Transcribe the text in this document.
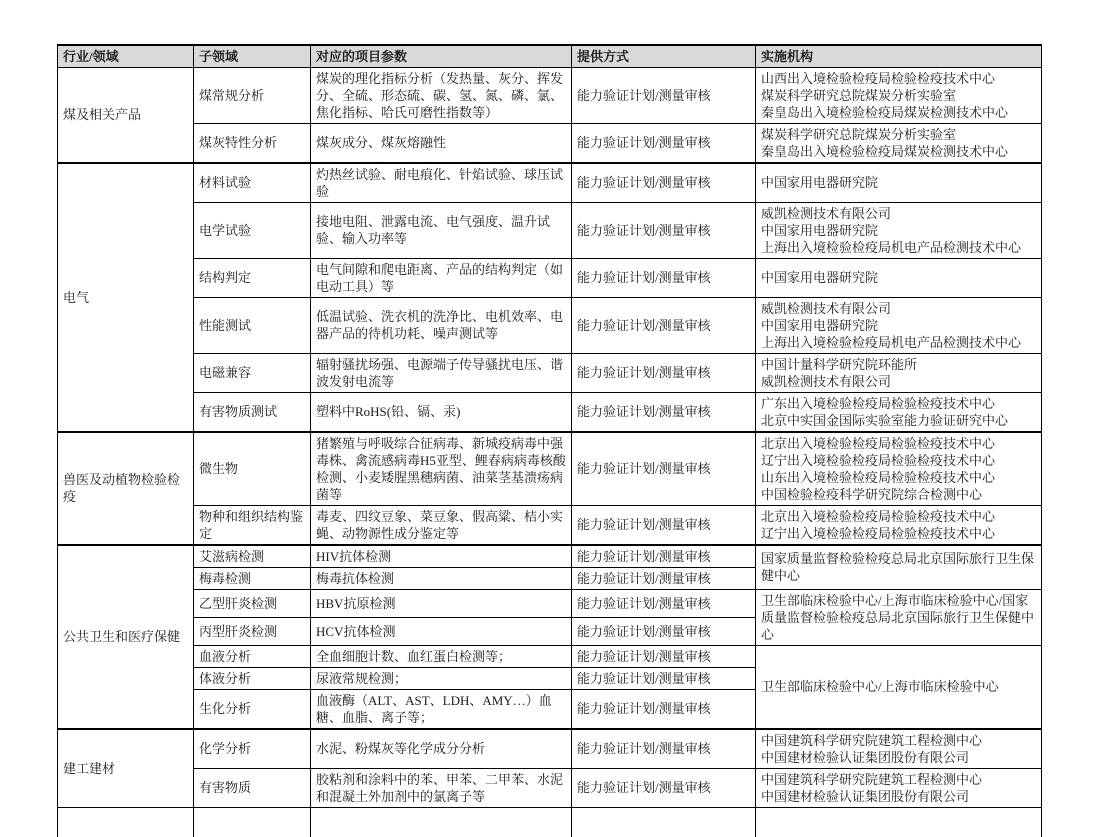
行业/领域	子领域	对应的项目参数	提供方式	实施机构
煤及相关产品	煤常规分析	煤炭的理化指标分析（发热量、灰分、挥发分、全硫、形态硫、碳、氢、氮、磷、氯、焦化指标、哈氏可磨性指数等）	能力验证计划/测量审核	山西出入境检验检疫局检验检疫技术中心
煤炭科学研究总院煤炭分析实验室
秦皇岛出入境检验检疫局煤炭检测技术中心

	煤灰特性分析	煤灰成分、煤灰熔融性	能力验证计划/测量审核	煤炭科学研究总院煤炭分析实验室
秦皇岛出入境检验检疫局煤炭检测技术中心

电气	材料试验	灼热丝试验、耐电痕化、针焰试验、球压试验	能力验证计划/测量审核	中国家用电器研究院

	电学试验	接地电阻、泄露电流、电气强度、温升试验、输入功率等	能力验证计划/测量审核	威凯检测技术有限公司
中国家用电器研究院
上海出入境检验检疫局机电产品检测技术中心

	结构判定	电气间隙和爬电距离、产品的结构判定（如电动工具）等	能力验证计划/测量审核	中国家用电器研究院

	性能测试	低温试验、洗衣机的洗净比、电机效率、电器产品的待机功耗、噪声测试等	能力验证计划/测量审核	威凯检测技术有限公司
中国家用电器研究院
上海出入境检验检疫局机电产品检测技术中心

	电磁兼容	辐射骚扰场强、电源端子传导骚扰电压、谐波发射电流等	能力验证计划/测量审核	中国计量科学研究院环能所
威凯检测技术有限公司

	有害物质测试	塑料中RoHS(铅、镉、汞)	能力验证计划/测量审核	广东出入境检验检疫局检验检疫技术中心
北京中实国金国际实验室能力验证研究中心

兽医及动植物检验检疫	微生物	猪繁殖与呼吸综合征病毒、新城疫病毒中强毒株、禽流感病毒H5亚型、鲤春病病毒核酸检测、小麦矮腥黑穗病菌、油菜茎基溃疡病菌等	能力验证计划/测量审核	北京出入境检验检疫局检验检疫技术中心
辽宁出入境检验检疫局检验检疫技术中心
山东出入境检验检疫局检验检疫技术中心
中国检验检疫科学研究院综合检测中心

	物种和组织结构鉴定	毒麦、四纹豆象、菜豆象、假高粱、桔小实蝇、动物源性成分鉴定等	能力验证计划/测量审核	北京出入境检验检疫局检验检疫技术中心
辽宁出入境检验检疫局检验检疫技术中心

公共卫生和医疗保健	艾滋病检测	HIV抗体检测	能力验证计划/测量审核	国家质量监督检验检疫总局北京国际旅行卫生保健中心
	梅毒检测	梅毒抗体检测	能力验证计划/测量审核	
	乙型肝炎检测	HBV抗原检测	能力验证计划/测量审核	卫生部临床检验中心/上海市临床检验中心/国家质量监督检验检疫总局北京国际旅行卫生保健中心
	丙型肝炎检测	HCV抗体检测	能力验证计划/测量审核	
	血液分析	全血细胞计数、血红蛋白检测等；	能力验证计划/测量审核	卫生部临床检验中心/上海市临床检验中心
	体液分析	尿液常规检测；	能力验证计划/测量审核	
	生化分析	血液酶（ALT、AST、LDH、AMY…）血糖、血脂、离子等；	能力验证计划/测量审核	
建工建材	化学分析	水泥、粉煤灰等化学成分分析	能力验证计划/测量审核	中国建筑科学研究院建筑工程检测中心
中国建材检验认证集团股份有限公司

	有害物质	胶粘剂和涂料中的苯、甲苯、二甲苯、水泥和混凝土外加剂中的氯离子等	能力验证计划/测量审核	中国建筑科学研究院建筑工程检测中心
中国建材检验认证集团股份有限公司
